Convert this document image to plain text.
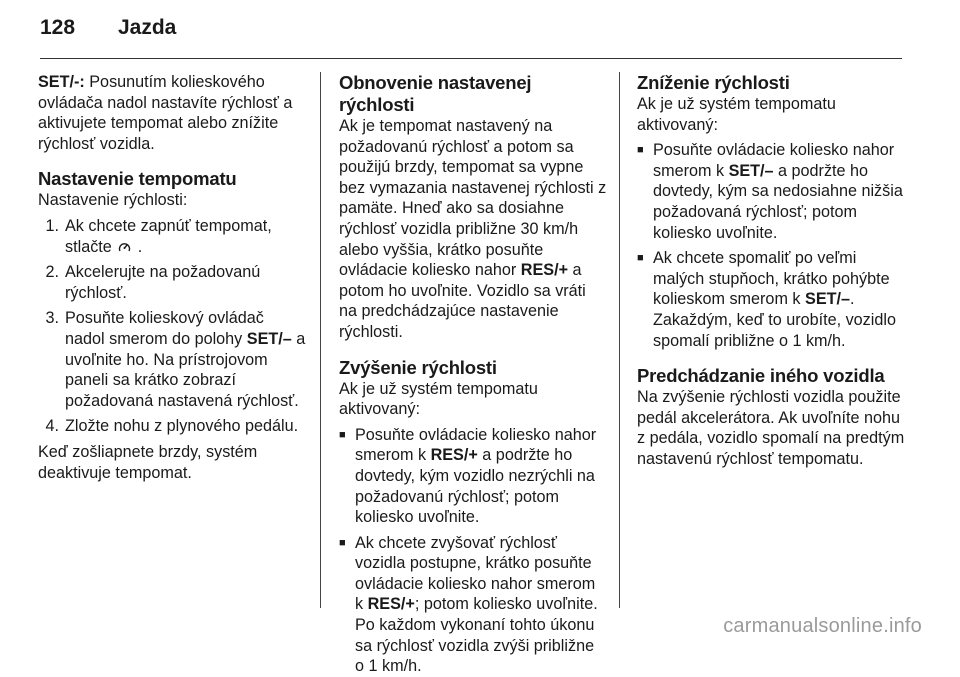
128	Jazda

SET/-: Posunutím kolieskového ovládača nadol nastavíte rýchlosť a aktivujete tempomat alebo znížite rýchlosť vozidla.

Nastavenie tempomatu

Nastavenie rýchlosti:

1. Ak chcete zapnúť tempomat, stlačte  .
2. Akcelerujte na požadovanú rýchlosť.
3. Posuňte kolieskový ovládač nadol smerom do polohy SET/– a uvoľnite ho. Na prístrojovom paneli sa krátko zobrazí požadovaná nastavená rýchlosť.
4. Zložte nohu z plynového pedálu.

Keď zošliapnete brzdy, systém deaktivuje tempomat.

Obnovenie nastavenej rýchlosti

Ak je tempomat nastavený na požadovanú rýchlosť a potom sa použijú brzdy, tempomat sa vypne bez vymazania nastavenej rýchlosti z pamäte. Hneď ako sa dosiahne rýchlosť vozidla približne 30 km/h alebo vyššia, krátko posuňte ovládacie koliesko nahor RES/+ a potom ho uvoľnite. Vozidlo sa vráti na predchádzajúce nastavenie rýchlosti.

Zvýšenie rýchlosti

Ak je už systém tempomatu aktivovaný:

■ Posuňte ovládacie koliesko nahor smerom k RES/+ a podržte ho dovtedy, kým vozidlo nezrýchli na požadovanú rýchlosť; potom koliesko uvoľnite.
■ Ak chcete zvyšovať rýchlosť vozidla postupne, krátko posuňte ovládacie koliesko nahor smerom k RES/+; potom koliesko uvoľnite. Po každom vykonaní tohto úkonu sa rýchlosť vozidla zvýši približne o 1 km/h.
Zníženie rýchlosti

Ak je už systém tempomatu aktivovaný:

■ Posuňte ovládacie koliesko nahor smerom k SET/– a podržte ho dovtedy, kým sa nedosiahne nižšia požadovaná rýchlosť; potom koliesko uvoľnite.
■ Ak chcete spomaliť po veľmi malých stupňoch, krátko pohýbte kolieskom smerom k SET/–. Zakaždým, keď to urobíte, vozidlo spomalí približne o 1 km/h.
Predchádzanie iného vozidla

Na zvýšenie rýchlosti vozidla použite pedál akcelerátora. Ak uvoľníte nohu z pedála, vozidlo spomalí na predtým nastavenú rýchlosť tempomatu.

carmanualsonline.info
